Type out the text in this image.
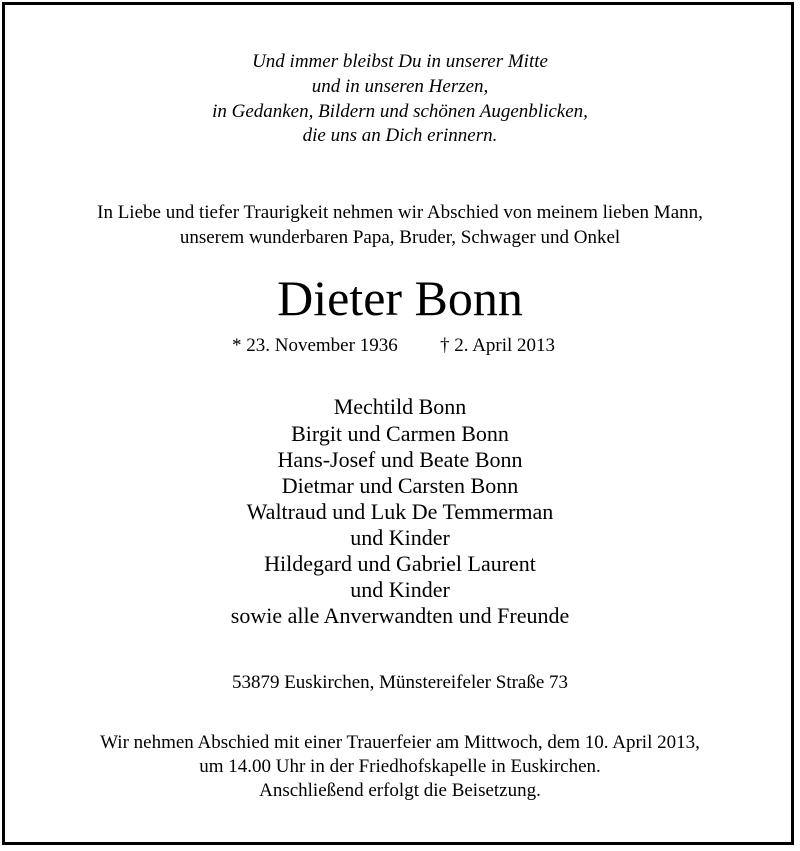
Und immer bleibst Du in unserer Mitte
und in unseren Herzen,
in Gedanken, Bildern und schönen Augenblicken,
die uns an Dich erinnern.
In Liebe und tiefer Traurigkeit nehmen wir Abschied von meinem lieben Mann,
unserem wunderbaren Papa, Bruder, Schwager und Onkel
Dieter Bonn
* 23. November 1936 † 2. April 2013
Mechtild Bonn
Birgit und Carmen Bonn
Hans-Josef und Beate Bonn
Dietmar und Carsten Bonn
Waltraud und Luk De Temmerman
und Kinder
Hildegard und Gabriel Laurent
und Kinder
sowie alle Anverwandten und Freunde
53879 Euskirchen, Münstereifeler Straße 73
Wir nehmen Abschied mit einer Trauerfeier am Mittwoch, dem 10. April 2013,
um 14.00 Uhr in der Friedhofskapelle in Euskirchen.
Anschließend erfolgt die Beisetzung.
